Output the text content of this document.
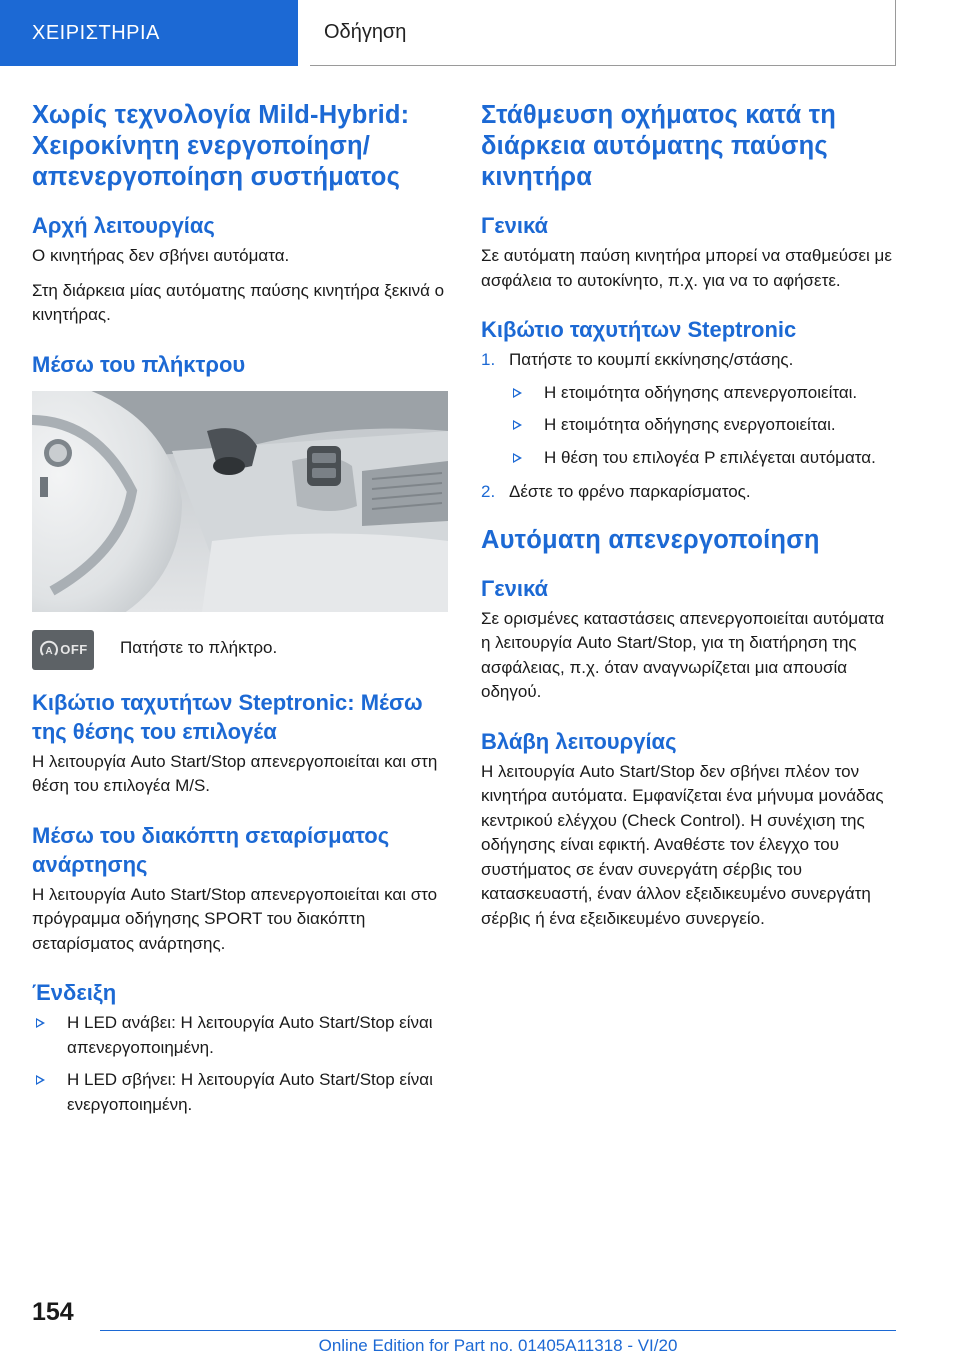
ΧΕΙΡΙΣΤΗΡΙΑ	Οδήγηση
Χωρίς τεχνολογία Mild-Hybrid: Χειροκίνητη ενεργοποίηση/απενεργοποίηση συστήματος
Αρχή λειτουργίας

Ο κινητήρας δεν σβήνει αυτόματα.

Στη διάρκεια μίας αυτόματης παύσης κινητήρα ξεκινά ο κινητήρας.

Μέσω του πλήκτρου
A OFF Πατήστε το πλήκτρο.
Κιβώτιο ταχυτήτων Steptronic: Μέσω της θέσης του επιλογέα

Η λειτουργία Auto Start/Stop απενεργοποιείται και στη θέση του επιλογέα M/S.

Μέσω του διακόπτη σεταρίσματος ανάρτησης

Η λειτουργία Auto Start/Stop απενεργοποιείται και στο πρόγραμμα οδήγησης SPORT του διακόπτη σεταρίσματος ανάρτησης.

Ένδειξη
Η LED ανάβει: Η λειτουργία Auto Start/Stop είναι απενεργοποιημένη.
Η LED σβήνει: Η λειτουργία Auto Start/Stop είναι ενεργοποιημένη.
Στάθμευση οχήματος κατά τη διάρκεια αυτόματης παύσης κινητήρα
Γενικά

Σε αυτόματη παύση κινητήρα μπορεί να σταθμεύσει με ασφάλεια το αυτοκίνητο, π.χ. για να το αφήσετε.

Κιβώτιο ταχυτήτων Steptronic
1. Πατήστε το κουμπί εκκίνησης/στάσης.
Η ετοιμότητα οδήγησης απενεργοποιείται.
Η ετοιμότητα οδήγησης ενεργοποιείται.
Η θέση του επιλογέα P επιλέγεται αυτόματα.
2. Δέστε το φρένο παρκαρίσματος.
Αυτόματη απενεργοποίηση
Γενικά

Σε ορισμένες καταστάσεις απενεργοποιείται αυτόματα η λειτουργία Auto Start/Stop, για τη διατήρηση της ασφάλειας, π.χ. όταν αναγνωρίζεται μια απουσία οδηγού.

Βλάβη λειτουργίας

Η λειτουργία Auto Start/Stop δεν σβήνει πλέον τον κινητήρα αυτόματα. Εμφανίζεται ένα μήνυμα μονάδας κεντρικού ελέγχου (Check Control). Η συνέχιση της οδήγησης είναι εφικτή. Αναθέστε τον έλεγχο του συστήματος σε έναν συνεργάτη σέρβις του κατασκευαστή, έναν άλλον εξειδικευμένο συνεργάτη σέρβις ή ένα εξειδικευμένο συνεργείο.

154
Online Edition for Part no. 01405A11318 - VI/20
